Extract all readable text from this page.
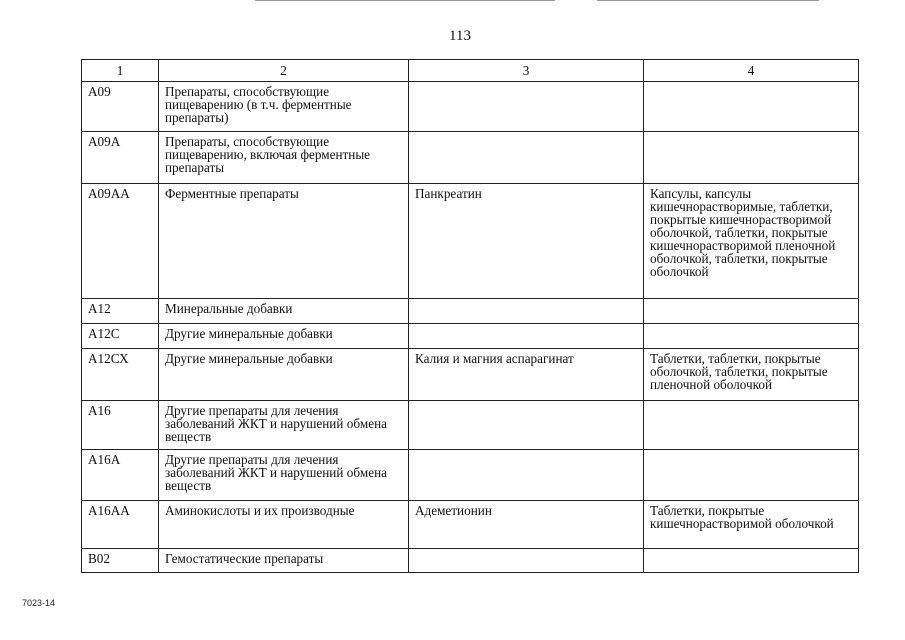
113
1	2	3	4
А09	Препараты, способствующие пищеварению (в т.ч. ферментные препараты)		
А09А	Препараты, способствующие пищеварению, включая ферментные препараты		
А09АА	Ферментные препараты	Панкреатин	Капсулы, капсулы кишечнорастворимые, таблетки, покрытые кишечнорастворимой оболочкой, таблетки, покрытые кишечнорастворимой пленочной оболочкой, таблетки, покрытые оболочкой
А12	Минеральные добавки		
А12С	Другие минеральные добавки		
А12СХ	Другие минеральные добавки	Калия и магния аспарагинат	Таблетки, таблетки, покрытые оболочкой, таблетки, покрытые пленочной оболочкой
А16	Другие препараты для лечения заболеваний ЖКТ и нарушений обмена веществ		
А16А	Другие препараты для лечения заболеваний ЖКТ и нарушений обмена веществ		
А16АА	Аминокислоты и их производные	Адеметионин	Таблетки, покрытые кишечнорастворимой оболочкой
В02	Гемостатические препараты		
7023-14
